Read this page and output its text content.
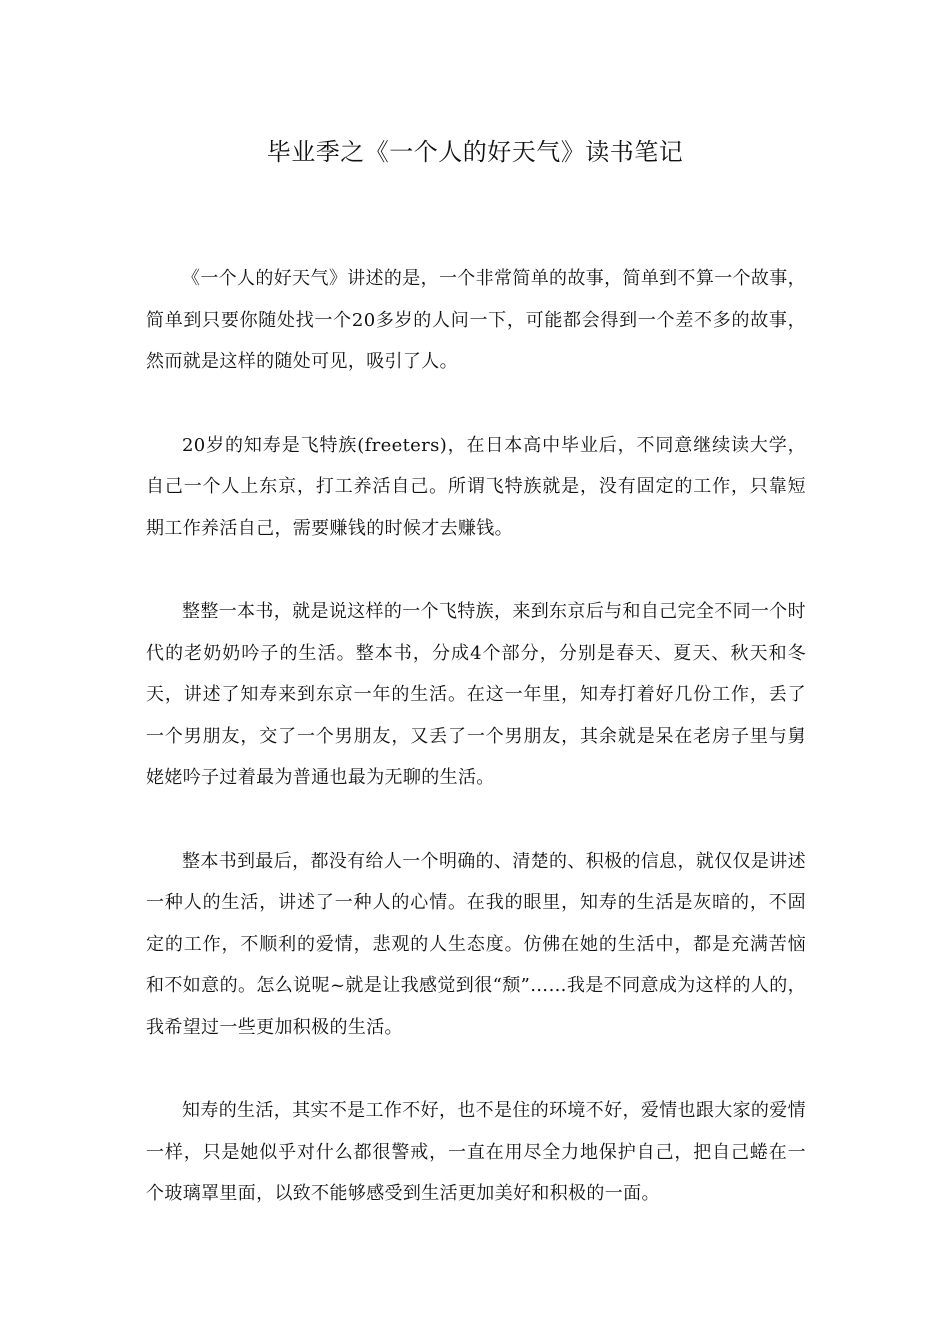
毕业季之《一个人的好天气》读书笔记

《一个人的好天气》讲述的是，一个非常简单的故事，简单到不算一个故事，简单到只要你随处找一个20多岁的人问一下，可能都会得到一个差不多的故事，然而就是这样的随处可见，吸引了人。

20岁的知寿是飞特族(freeters)，在日本高中毕业后，不同意继续读大学，自己一个人上东京，打工养活自己。所谓飞特族就是，没有固定的工作，只靠短期工作养活自己，需要赚钱的时候才去赚钱。

整整一本书，就是说这样的一个飞特族，来到东京后与和自己完全不同一个时代的老奶奶吟子的生活。整本书，分成4个部分，分别是春天、夏天、秋天和冬天，讲述了知寿来到东京一年的生活。在这一年里，知寿打着好几份工作，丢了一个男朋友，交了一个男朋友，又丢了一个男朋友，其余就是呆在老房子里与舅姥姥吟子过着最为普通也最为无聊的生活。

整本书到最后，都没有给人一个明确的、清楚的、积极的信息，就仅仅是讲述一种人的生活，讲述了一种人的心情。在我的眼里，知寿的生活是灰暗的，不固定的工作，不顺利的爱情，悲观的人生态度。仿佛在她的生活中，都是充满苦恼和不如意的。怎么说呢~就是让我感觉到很“颓”……我是不同意成为这样的人的，我希望过一些更加积极的生活。

知寿的生活，其实不是工作不好，也不是住的环境不好，爱情也跟大家的爱情一样，只是她似乎对什么都很警戒，一直在用尽全力地保护自己，把自己蜷在一个玻璃罩里面，以致不能够感受到生活更加美好和积极的一面。
